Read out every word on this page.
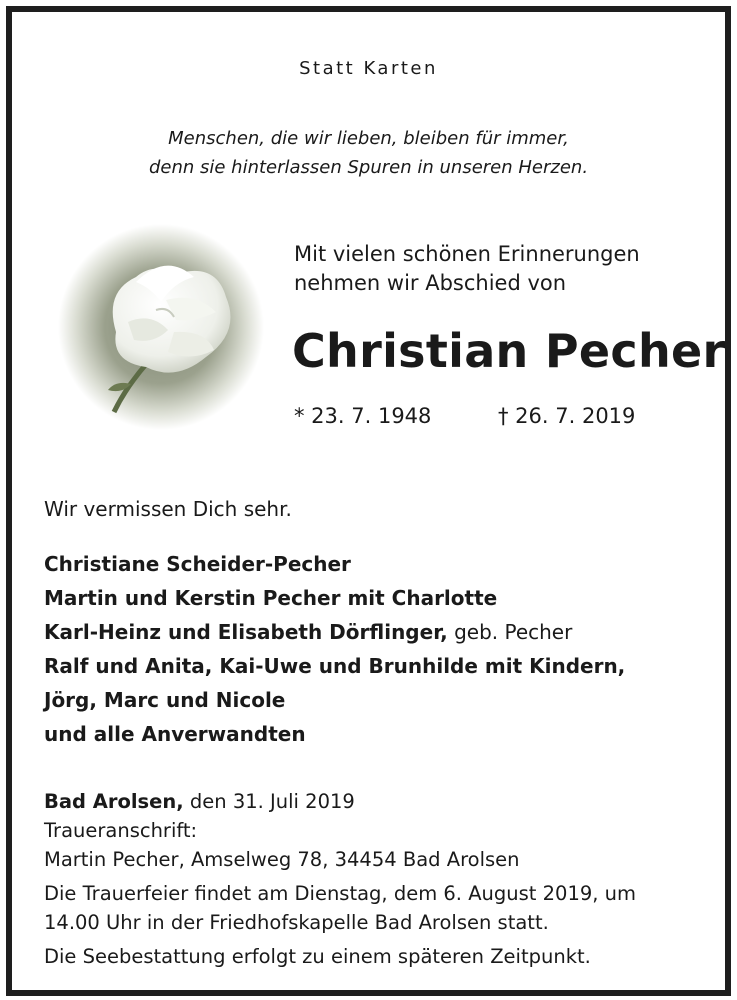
Statt Karten
Menschen, die wir lieben, bleiben für immer,
denn sie hinterlassen Spuren in unseren Herzen.
Mit vielen schönen Erinnerungen
nehmen wir Abschied von
Christian Pecher
* 23. 7. 1948	† 26. 7. 2019
Wir vermissen Dich sehr.
Christiane Scheider-Pecher
Martin und Kerstin Pecher mit Charlotte
Karl-Heinz und Elisabeth Dörflinger, geb. Pecher
Ralf und Anita, Kai-Uwe und Brunhilde mit Kindern,
Jörg, Marc und Nicole
und alle Anverwandten
Bad Arolsen, den 31. Juli 2019
Traueranschrift:
Martin Pecher, Amselweg 78, 34454 Bad Arolsen
Die Trauerfeier findet am Dienstag, dem 6. August 2019, um
14.00 Uhr in der Friedhofskapelle Bad Arolsen statt.
Die Seebestattung erfolgt zu einem späteren Zeitpunkt.
